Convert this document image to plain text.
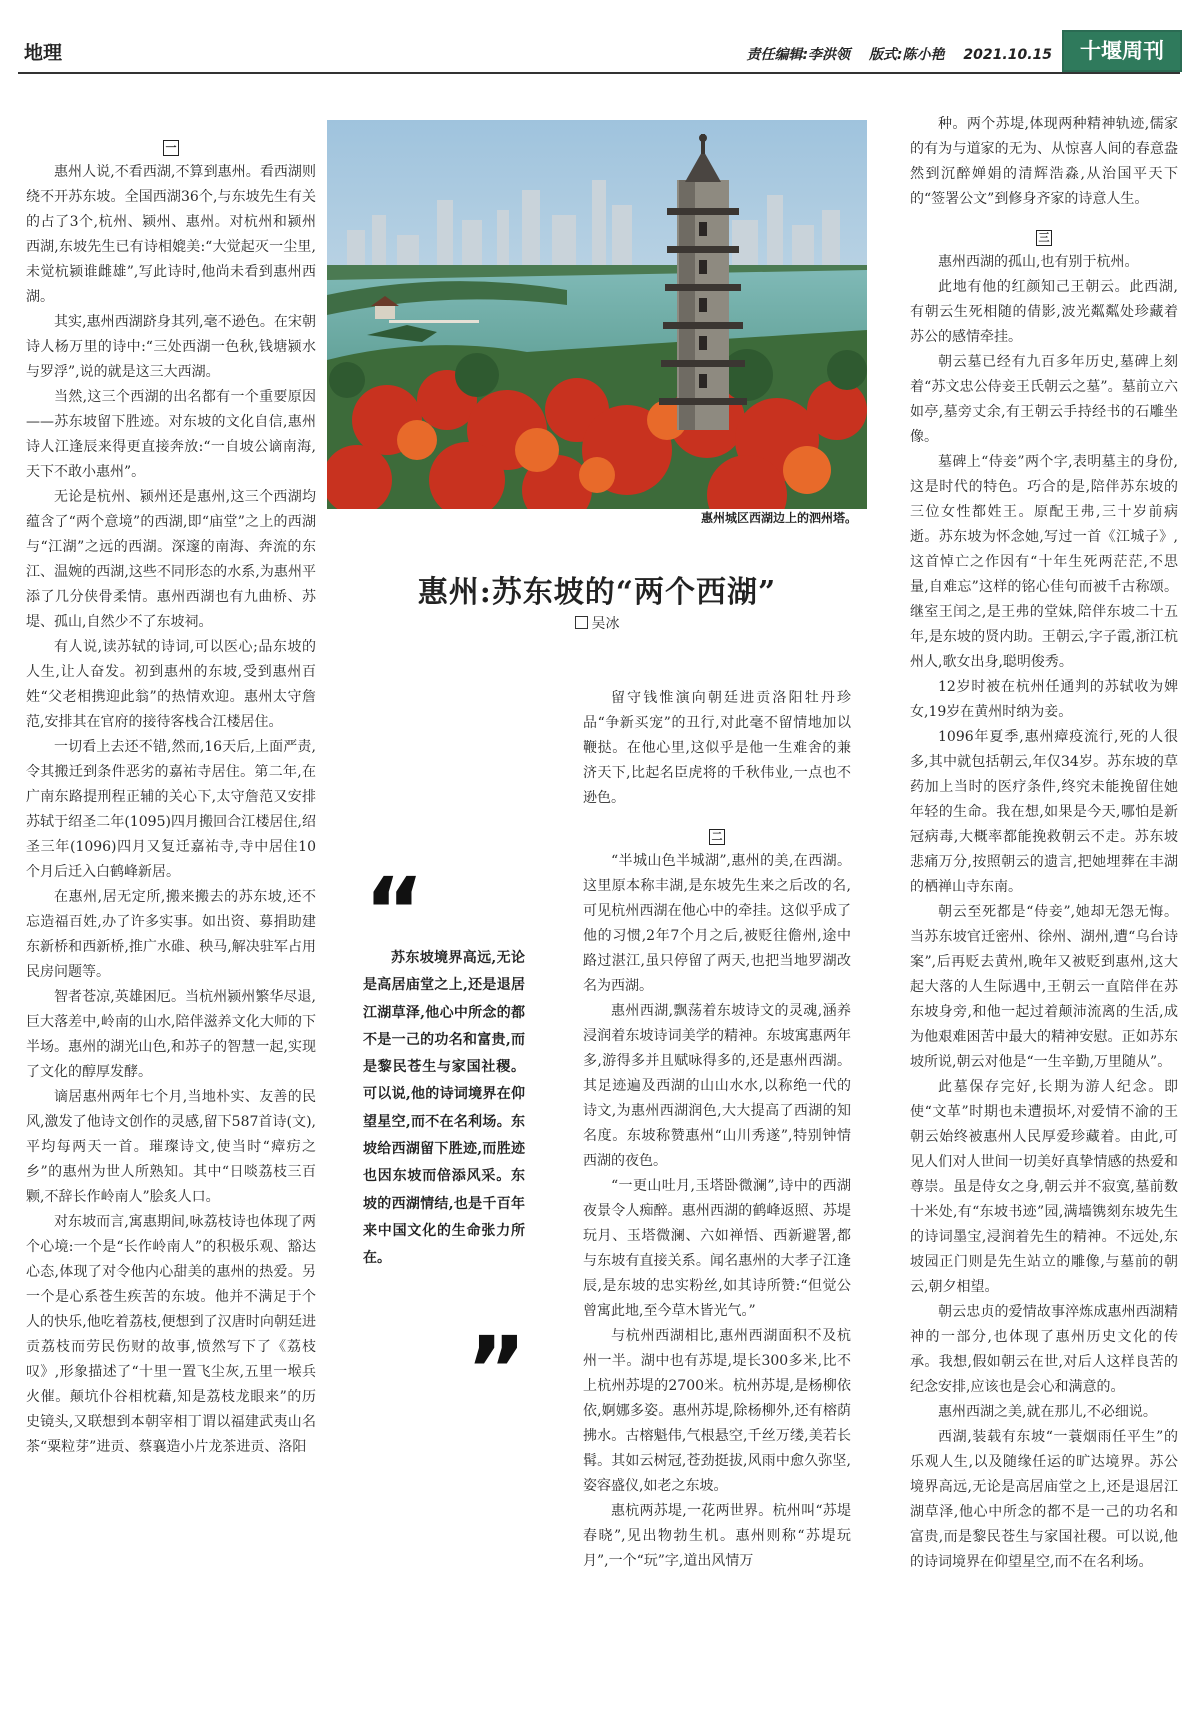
地理	责任编辑:李洪领 版式:陈小艳 2021.10.15	十堰周刊
一

惠州人说,不看西湖,不算到惠州。看西湖则绕不开苏东坡。全国西湖36个,与东坡先生有关的占了3个,杭州、颍州、惠州。对杭州和颍州西湖,东坡先生已有诗相媲美:“大觉起灭一尘里,未觉杭颍谁雌雄”,写此诗时,他尚未看到惠州西湖。

其实,惠州西湖跻身其列,毫不逊色。在宋朝诗人杨万里的诗中:“三处西湖一色秋,钱塘颍水与罗浮”,说的就是这三大西湖。

当然,这三个西湖的出名都有一个重要原因——苏东坡留下胜迹。对东坡的文化自信,惠州诗人江逢辰来得更直接奔放:“一自坡公谪南海,天下不敢小惠州”。

无论是杭州、颍州还是惠州,这三个西湖均蕴含了“两个意境”的西湖,即“庙堂”之上的西湖与“江湖”之远的西湖。深邃的南海、奔流的东江、温婉的西湖,这些不同形态的水系,为惠州平添了几分侠骨柔情。惠州西湖也有九曲桥、苏堤、孤山,自然少不了东坡祠。

有人说,读苏轼的诗词,可以医心;品东坡的人生,让人奋发。初到惠州的东坡,受到惠州百姓“父老相携迎此翁”的热情欢迎。惠州太守詹范,安排其在官府的接待客栈合江楼居住。

一切看上去还不错,然而,16天后,上面严责,令其搬迁到条件恶劣的嘉祐寺居住。第二年,在广南东路提刑程正辅的关心下,太守詹范又安排苏轼于绍圣二年(1095)四月搬回合江楼居住,绍圣三年(1096)四月又复迁嘉祐寺,寺中居住10个月后迁入白鹤峰新居。

在惠州,居无定所,搬来搬去的苏东坡,还不忘造福百姓,办了许多实事。如出资、募捐助建东新桥和西新桥,推广水碓、秧马,解决驻军占用民房问题等。

智者苍凉,英雄困厄。当杭州颍州繁华尽退,巨大落差中,岭南的山水,陪伴滋养文化大师的下半场。惠州的湖光山色,和苏子的智慧一起,实现了文化的醇厚发酵。

谪居惠州两年七个月,当地朴实、友善的民风,激发了他诗文创作的灵感,留下587首诗(文),平均每两天一首。璀璨诗文,使当时“瘴疠之乡”的惠州为世人所熟知。其中“日啖荔枝三百颗,不辞长作岭南人”脍炙人口。

对东坡而言,寓惠期间,咏荔枝诗也体现了两个心境:一个是“长作岭南人”的积极乐观、豁达心态,体现了对令他内心甜美的惠州的热爱。另一个是心系苍生疾苦的东坡。他并不满足于个人的快乐,他吃着荔枝,便想到了汉唐时向朝廷进贡荔枝而劳民伤财的故事,愤然写下了《荔枝叹》,形象描述了“十里一置飞尘灰,五里一堠兵火催。颠坑仆谷相枕藉,知是荔枝龙眼来”的历史镜头,又联想到本朝宰相丁谓以福建武夷山名茶“粟粒芽”进贡、蔡襄造小片龙茶进贡、洛阳

惠州城区西湖边上的泗州塔。
惠州:苏东坡的“两个西湖”
吴冰
“

苏东坡境界高远,无论是高居庙堂之上,还是退居江湖草泽,他心中所念的都不是一己的功名和富贵,而是黎民苍生与家国社稷。可以说,他的诗词境界在仰望星空,而不在名利场。东坡给西湖留下胜迹,而胜迹也因东坡而倍添风采。东坡的西湖情结,也是千百年来中国文化的生命张力所在。

”

留守钱惟演向朝廷进贡洛阳牡丹珍品“争新买宠”的丑行,对此毫不留情地加以鞭挞。在他心里,这似乎是他一生难舍的兼济天下,比起名臣虎将的千秋伟业,一点也不逊色。

二

“半城山色半城湖”,惠州的美,在西湖。这里原本称丰湖,是东坡先生来之后改的名,可见杭州西湖在他心中的牵挂。这似乎成了他的习惯,2年7个月之后,被贬往儋州,途中路过湛江,虽只停留了两天,也把当地罗湖改名为西湖。

惠州西湖,飘荡着东坡诗文的灵魂,涵养浸润着东坡诗词美学的精神。东坡寓惠两年多,游得多并且赋咏得多的,还是惠州西湖。其足迹遍及西湖的山山水水,以称绝一代的诗文,为惠州西湖润色,大大提高了西湖的知名度。东坡称赞惠州“山川秀遂”,特别钟情西湖的夜色。

“一更山吐月,玉塔卧微澜”,诗中的西湖夜景令人痴醉。惠州西湖的鹤峰返照、苏堤玩月、玉塔微澜、六如禅悟、西新避署,都与东坡有直接关系。闻名惠州的大孝子江逢辰,是东坡的忠实粉丝,如其诗所赞:“但觉公曾寓此地,至今草木皆光气。”

与杭州西湖相比,惠州西湖面积不及杭州一半。湖中也有苏堤,堤长300多米,比不上杭州苏堤的2700米。杭州苏堤,是杨柳依依,婀娜多姿。惠州苏堤,除杨柳外,还有榕荫拂水。古榕魁伟,气根悬空,千丝万缕,美若长髯。其如云树冠,苍劲挺拔,风雨中愈久弥坚,姿容盛仪,如老之东坡。

惠杭两苏堤,一花两世界。杭州叫“苏堤春晓”,见出物勃生机。惠州则称“苏堤玩月”,一个“玩”字,道出风情万

种。两个苏堤,体现两种精神轨迹,儒家的有为与道家的无为、从惊喜人间的春意盎然到沉醉婵娟的清辉浩淼,从治国平天下的“签署公文”到修身齐家的诗意人生。

三

惠州西湖的孤山,也有别于杭州。

此地有他的红颜知己王朝云。此西湖,有朝云生死相随的倩影,波光粼粼处珍藏着苏公的感情牵挂。

朝云墓已经有九百多年历史,墓碑上刻着“苏文忠公侍妾王氏朝云之墓”。墓前立六如亭,墓旁丈余,有王朝云手持经书的石雕坐像。

墓碑上“侍妾”两个字,表明墓主的身份,这是时代的特色。巧合的是,陪伴苏东坡的三位女性都姓王。原配王弗,三十岁前病逝。苏东坡为怀念她,写过一首《江城子》,这首悼亡之作因有“十年生死两茫茫,不思量,自难忘”这样的铭心佳句而被千古称颂。继室王闰之,是王弗的堂妹,陪伴东坡二十五年,是东坡的贤内助。王朝云,字子霞,浙江杭州人,歌女出身,聪明俊秀。

12岁时被在杭州任通判的苏轼收为婢女,19岁在黄州时纳为妾。

1096年夏季,惠州瘴疫流行,死的人很多,其中就包括朝云,年仅34岁。苏东坡的草药加上当时的医疗条件,终究未能挽留住她年轻的生命。我在想,如果是今天,哪怕是新冠病毒,大概率都能挽救朝云不走。苏东坡悲痛万分,按照朝云的遗言,把她埋葬在丰湖的栖禅山寺东南。

朝云至死都是“侍妾”,她却无怨无悔。当苏东坡官迁密州、徐州、湖州,遭“乌台诗案”,后再贬去黄州,晚年又被贬到惠州,这大起大落的人生际遇中,王朝云一直陪伴在苏东坡身旁,和他一起过着颠沛流离的生活,成为他艰难困苦中最大的精神安慰。正如苏东坡所说,朝云对他是“一生辛勤,万里随从”。

此墓保存完好,长期为游人纪念。即使“文革”时期也未遭损坏,对爱情不渝的王朝云始终被惠州人民厚爱珍藏着。由此,可见人们对人世间一切美好真挚情感的热爱和尊崇。虽是侍女之身,朝云并不寂寞,墓前数十米处,有“东坡书迹”园,满墙镌刻东坡先生的诗词墨宝,浸润着先生的精神。不远处,东坡园正门则是先生站立的雕像,与墓前的朝云,朝夕相望。

朝云忠贞的爱情故事淬炼成惠州西湖精神的一部分,也体现了惠州历史文化的传承。我想,假如朝云在世,对后人这样良苦的纪念安排,应该也是会心和满意的。

惠州西湖之美,就在那儿,不必细说。

西湖,装载有东坡“一蓑烟雨任平生”的乐观人生,以及随缘任运的旷达境界。苏公境界高远,无论是高居庙堂之上,还是退居江湖草泽,他心中所念的都不是一己的功名和富贵,而是黎民苍生与家国社稷。可以说,他的诗词境界在仰望星空,而不在名利场。
